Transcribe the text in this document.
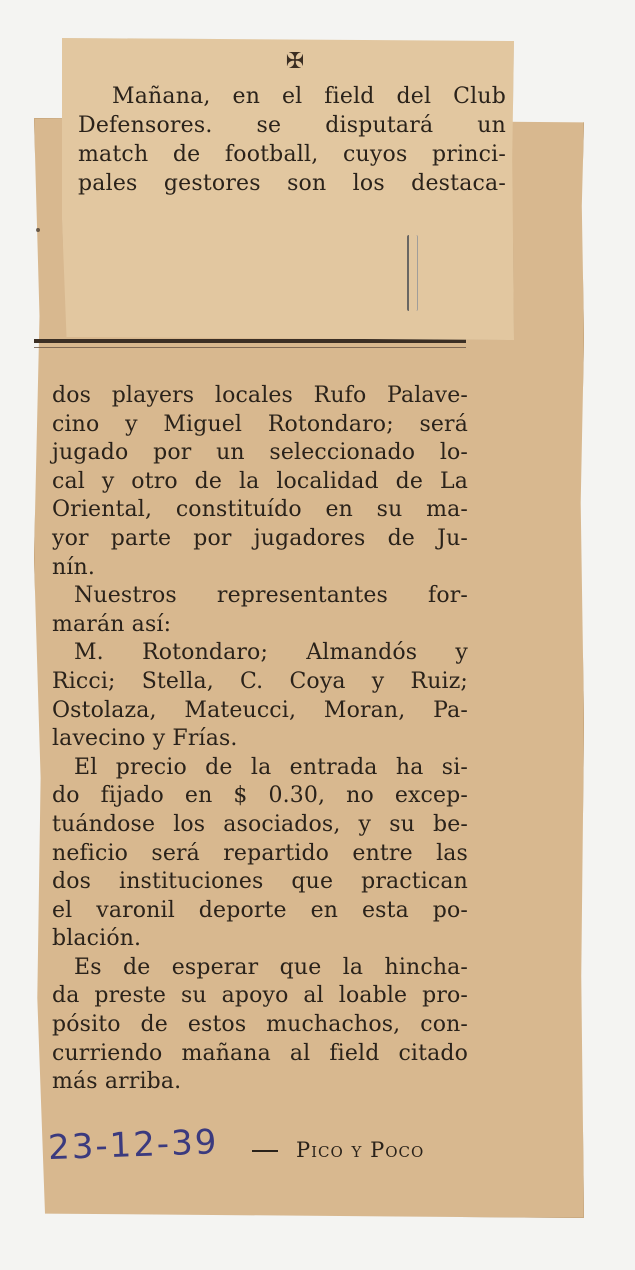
✠
Mañana, en el field del Club
Defensores. se disputará un
match de football, cuyos princi-
pales gestores son los destaca-
dos players locales Rufo Palave-
cino y Miguel Rotondaro; será
jugado por un seleccionado lo-
cal y otro de la localidad de La
Oriental, constituído en su ma-
yor parte por jugadores de Ju-
nín.
Nuestros representantes for-
marán así:
M. Rotondaro; Almandós y
Ricci; Stella, C. Coya y Ruiz;
Ostolaza, Mateucci, Moran, Pa-
lavecino y Frías.
El precio de la entrada ha si-
do fijado en $ 0.30, no excep-
tuándose los asociados, y su be-
neficio será repartido entre las
dos instituciones que practican
el varonil deporte en esta po-
blación.
Es de esperar que la hincha-
da preste su apoyo al loable pro-
pósito de estos muchachos, con-
curriendo mañana al field citado
más arriba.
23-12-39	Pico y Poco
